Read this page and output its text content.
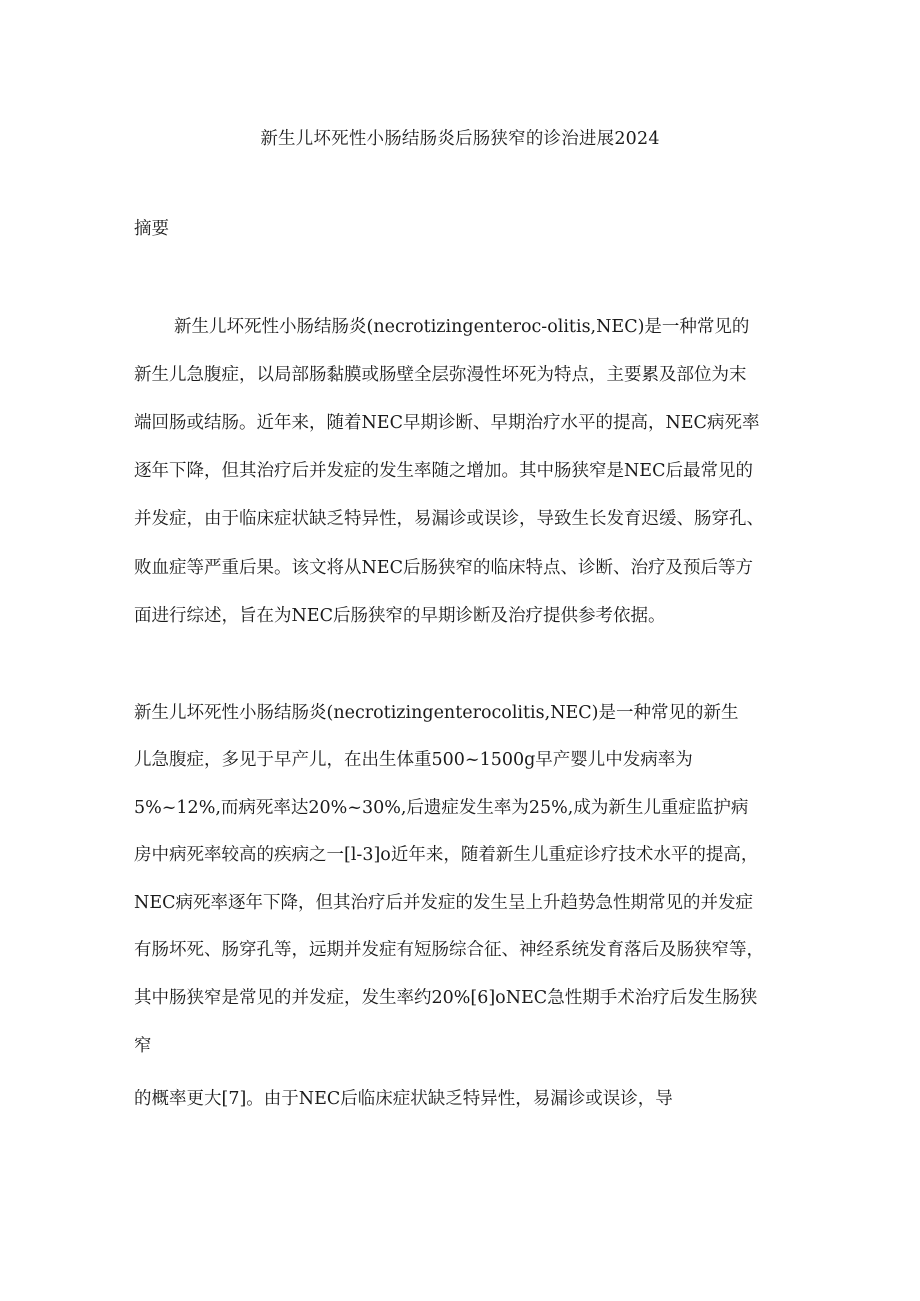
新生儿坏死性小肠结肠炎后肠狭窄的诊治进展2024
摘要
新生儿坏死性小肠结肠炎(necrotizingenteroc-olitis,NEC)是一种常见的
新生儿急腹症，以局部肠黏膜或肠壁全层弥漫性坏死为特点，主要累及部位为末
端回肠或结肠。近年来，随着NEC早期诊断、早期治疗水平的提高，NEC病死率
逐年下降，但其治疗后并发症的发生率随之增加。其中肠狭窄是NEC后最常见的
并发症，由于临床症状缺乏特异性，易漏诊或误诊，导致生长发育迟缓、肠穿孔、
败血症等严重后果。该文将从NEC后肠狭窄的临床特点、诊断、治疗及预后等方
面进行综述，旨在为NEC后肠狭窄的早期诊断及治疗提供参考依据。
新生儿坏死性小肠结肠炎(necrotizingenterocolitis,NEC)是一种常见的新生
儿急腹症，多见于早产儿，在出生体重500~1500g早产婴儿中发病率为
5%~12%,而病死率达20%~30%,后遗症发生率为25%,成为新生儿重症监护病
房中病死率较高的疾病之一[l-3]o近年来，随着新生儿重症诊疗技术水平的提高，
NEC病死率逐年下降，但其治疗后并发症的发生呈上升趋势急性期常见的并发症
有肠坏死、肠穿孔等，远期并发症有短肠综合征、神经系统发育落后及肠狭窄等，
其中肠狭窄是常见的并发症，发生率约20%[6]oNEC急性期手术治疗后发生肠狭
窄
的概率更大[7]。由于NEC后临床症状缺乏特异性，易漏诊或误诊，导
